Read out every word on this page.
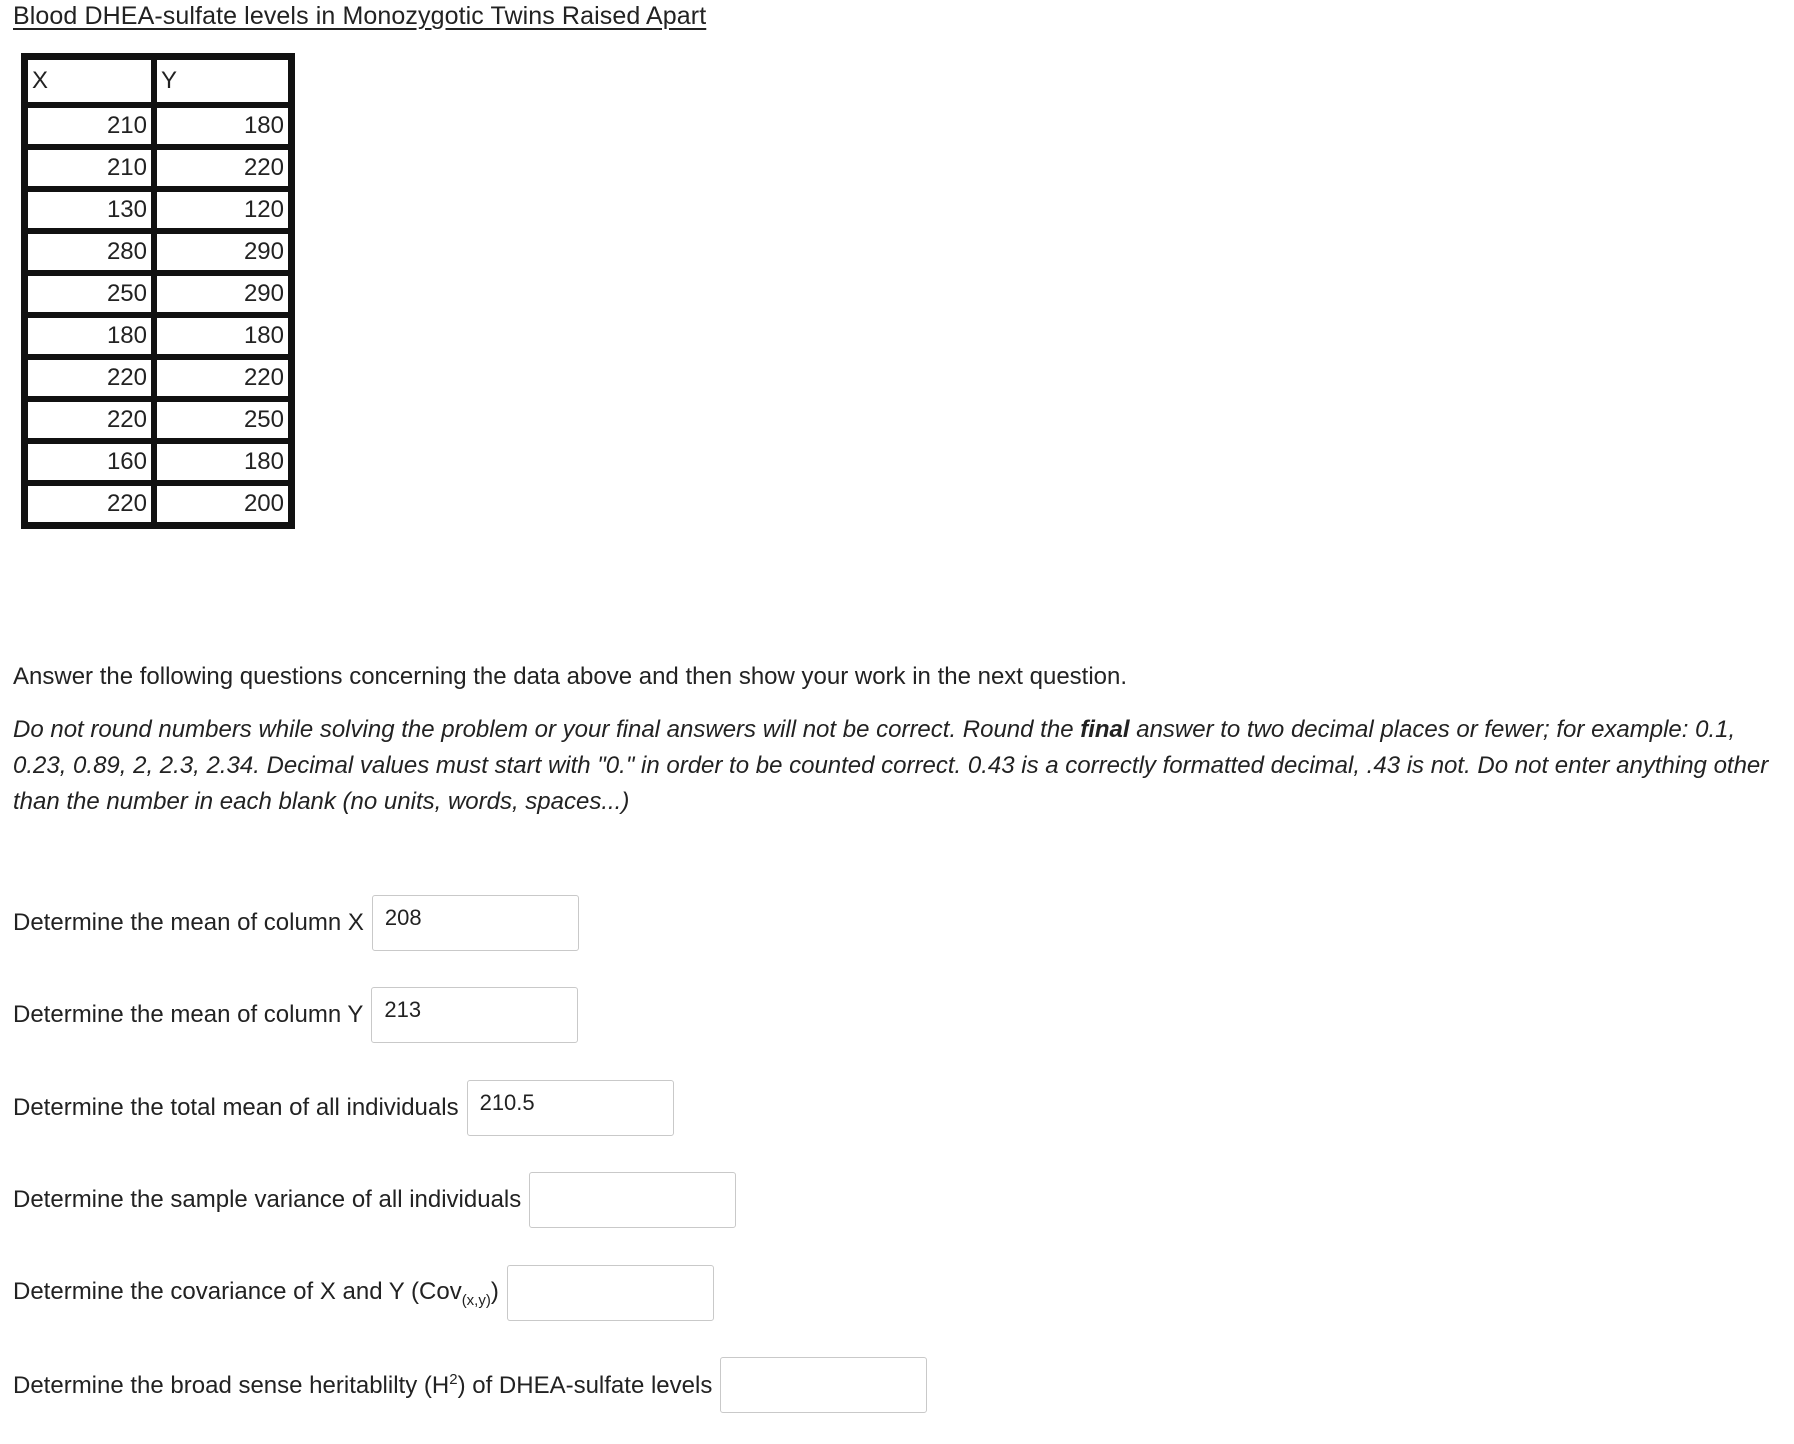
Blood DHEA-sulfate levels in Monozygotic Twins Raised Apart
X	Y
210	180
210	220
130	120
280	290
250	290
180	180
220	220
220	250
160	180
220	200
Answer the following questions concerning the data above and then show your work in the next question.
Do not round numbers while solving the problem or your final answers will not be correct. Round the final answer to two decimal places or fewer; for example: 0.1, 0.23, 0.89, 2, 2.3, 2.34. Decimal values must start with "0." in order to be counted correct. 0.43 is a correctly formatted decimal, .43 is not. Do not enter anything other than the number in each blank (no units, words, spaces...)
Determine the mean of column X
208
Determine the mean of column Y
213
Determine the total mean of all individuals
210.5
Determine the sample variance of all individuals
Determine the covariance of X and Y (Cov$_{(x,y)}$)
Determine the broad sense heritablilty $(H^2)$ of DHEA-sulfate levels
